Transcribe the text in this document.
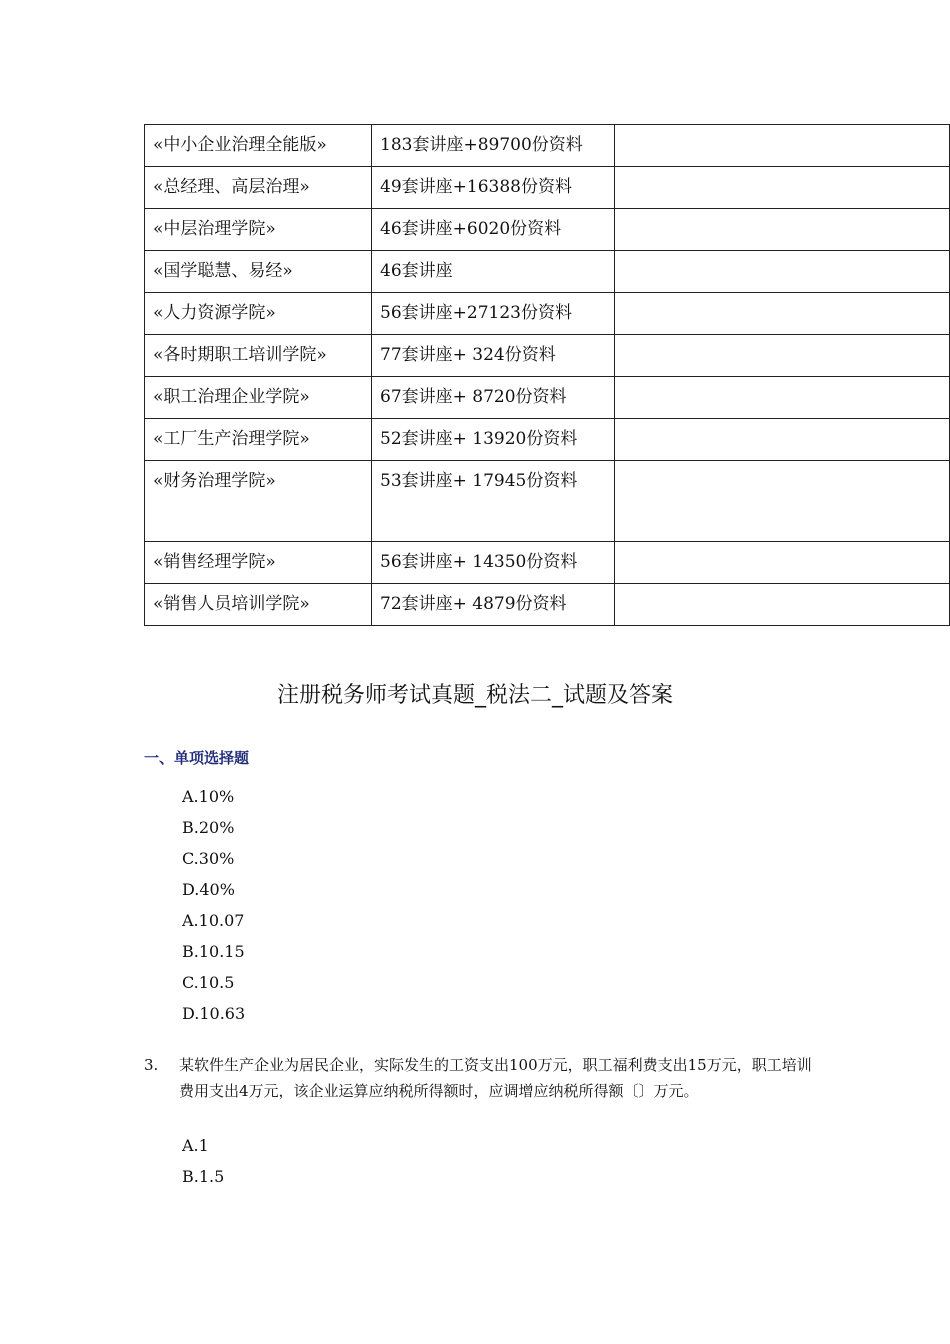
«中小企业治理全能版»	183套讲座+89700份资料	
«总经理、高层治理»	49套讲座+16388份资料	
«中层治理学院»	46套讲座+6020份资料	
«国学聪慧、易经»	46套讲座	
«人力资源学院»	56套讲座+27123份资料	
«各时期职工培训学院»	77套讲座+ 324份资料	
«职工治理企业学院»	67套讲座+ 8720份资料	
«工厂生产治理学院»	52套讲座+ 13920份资料	
«财务治理学院»	53套讲座+ 17945份资料	
«销售经理学院»	56套讲座+ 14350份资料	
«销售人员培训学院»	72套讲座+ 4879份资料	
注册税务师考试真题_税法二_试题及答案
一、单项选择题
A.10%
B.20%
C.30%
D.40%
A.10.07
B.10.15
C.10.5
D.10.63
3. 某软件生产企业为居民企业，实际发生的工资支出100万元，职工福利费支出15万元，职工培训费用支出4万元，该企业运算应纳税所得额时，应调增应纳税所得额〔〕万元。
A.1
B.1.5
